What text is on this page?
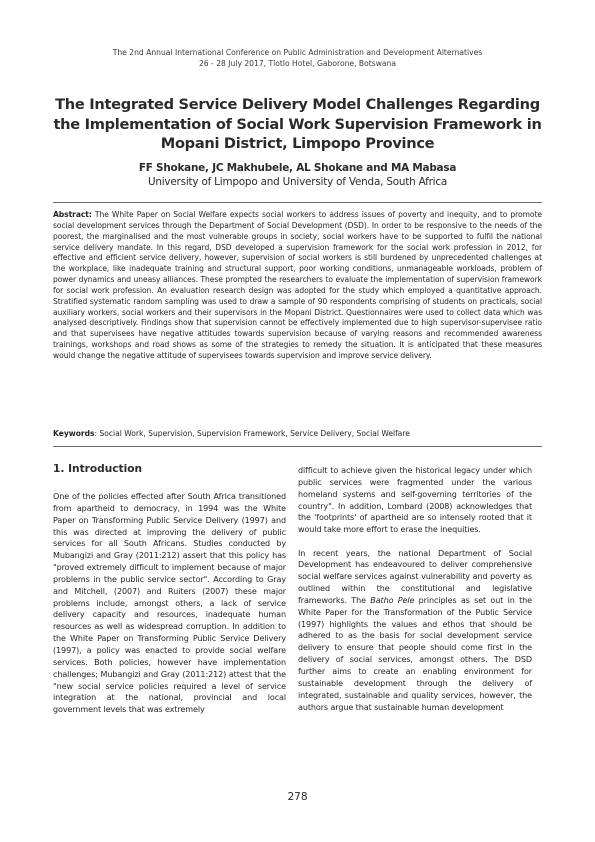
The 2nd Annual International Conference on Public Administration and Development Alternatives
26 - 28 July 2017, Tlotlo Hotel, Gaborone, Botswana
The Integrated Service Delivery Model Challenges Regarding the Implementation of Social Work Supervision Framework in Mopani District, Limpopo Province
FF Shokane, JC Makhubele, AL Shokane and MA Mabasa
University of Limpopo and University of Venda, South Africa
Abstract: The White Paper on Social Welfare expects social workers to address issues of poverty and inequity, and to promote social development services through the Department of Social Development (DSD). In order to be responsive to the needs of the poorest, the marginalised and the most vulnerable groups in society, social workers have to be supported to fulfil the national service delivery mandate. In this regard, DSD developed a supervision framework for the social work profession in 2012, for effective and efficient service delivery, however, supervision of social workers is still burdened by unprecedented challenges at the workplace, like inadequate training and structural support, poor working conditions, unmanageable workloads, problem of power dynamics and uneasy alliances. These prompted the researchers to evaluate the implementation of supervision framework for social work profession. An evaluation research design was adopted for the study which employed a quantitative approach. Stratified systematic random sampling was used to draw a sample of 90 respondents comprising of students on practicals, social auxiliary workers, social workers and their supervisors in the Mopani District. Questionnaires were used to collect data which was analysed descriptively. Findings show that supervision cannot be effectively implemented due to high supervisor-supervisee ratio and that supervisees have negative attitudes towards supervision because of varying reasons and recommended awareness trainings, workshops and road shows as some of the strategies to remedy the situation. It is anticipated that these measures would change the negative attitude of supervisees towards supervision and improve service delivery.
Keywords: Social Work, Supervision, Supervision Framework, Service Delivery, Social Welfare
1. Introduction

One of the policies effected after South Africa transitioned from apartheid to democracy, in 1994 was the White Paper on Transforming Public Service Delivery (1997) and this was directed at improving the delivery of public services for all South Africans. Studies conducted by Mubangizi and Gray (2011:212) assert that this policy has "proved extremely difficult to implement because of major problems in the public service sector". According to Gray and Mitchell, (2007) and Ruiters (2007) these major problems include, amongst others, a lack of service delivery capacity and resources, inadequate human resources as well as widespread corruption. In addition to the White Paper on Transforming Public Service Delivery (1997), a policy was enacted to provide social welfare services. Both policies, however have implementation challenges; Mubangizi and Gray (2011:212) attest that the "new social service policies required a level of service integration at the national, provincial and local government levels that was extremely

difficult to achieve given the historical legacy under which public services were fragmented under the various homeland systems and self-governing territories of the country". In addition, Lombard (2008) acknowledges that the 'footprints' of apartheid are so intensely rooted that it would take more effort to erase the inequities.

In recent years, the national Department of Social Development has endeavoured to deliver comprehensive social welfare services against vulnerability and poverty as outlined within the constitutional and legislative frameworks. The Batho Pele principles as set out in the White Paper for the Transformation of the Public Service (1997) highlights the values and ethos that should be adhered to as the basis for social development service delivery to ensure that people should come first in the delivery of social services, amongst others. The DSD further aims to create an enabling environment for sustainable development through the delivery of integrated, sustainable and quality services, however, the authors argue that sustainable human development

278
